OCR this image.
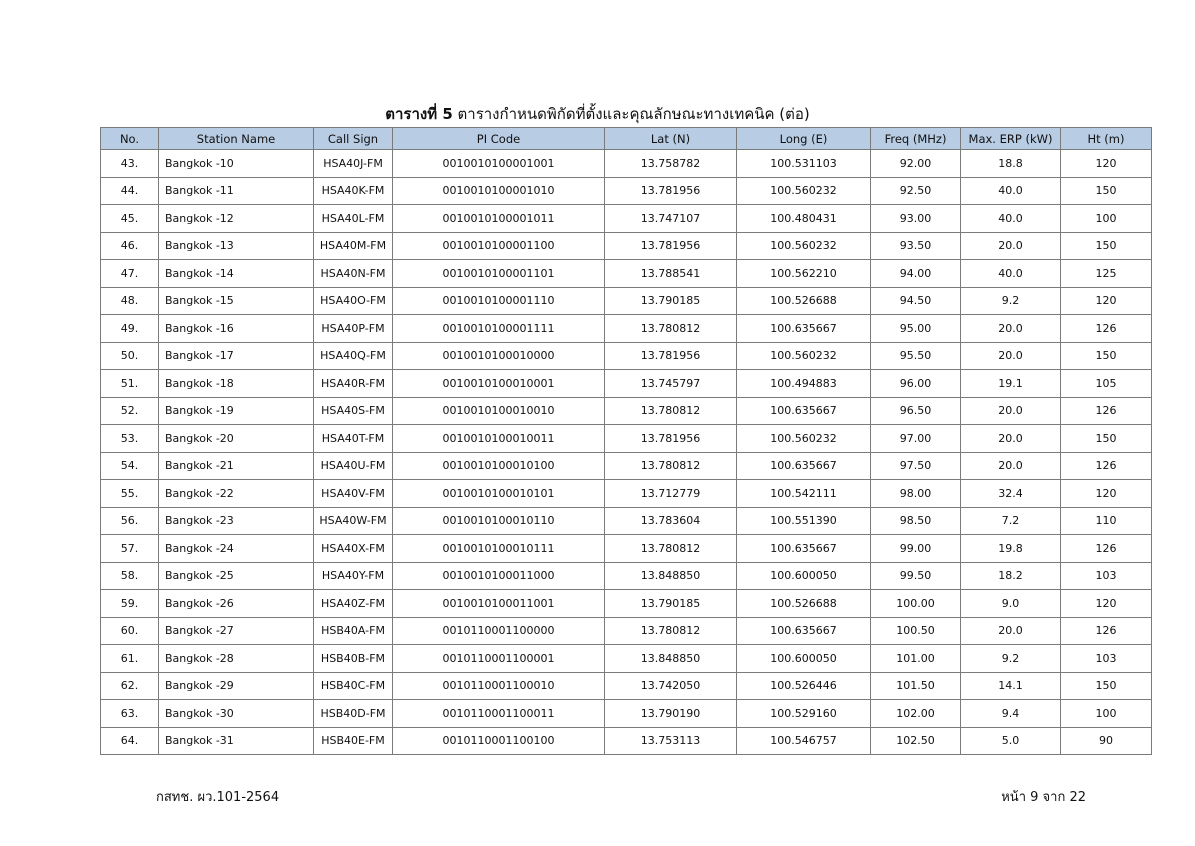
ตารางที่ 5 ตารางกำหนดพิกัดที่ตั้งและคุณลักษณะทางเทคนิค (ต่อ)
No.	Station Name	Call Sign	PI Code	Lat (N)	Long (E)	Freq (MHz)	Max. ERP (kW)	Ht (m)
43.	Bangkok -10	HSA40J-FM	0010010100001001	13.758782	100.531103	92.00	18.8	120
44.	Bangkok -11	HSA40K-FM	0010010100001010	13.781956	100.560232	92.50	40.0	150
45.	Bangkok -12	HSA40L-FM	0010010100001011	13.747107	100.480431	93.00	40.0	100
46.	Bangkok -13	HSA40M-FM	0010010100001100	13.781956	100.560232	93.50	20.0	150
47.	Bangkok -14	HSA40N-FM	0010010100001101	13.788541	100.562210	94.00	40.0	125
48.	Bangkok -15	HSA40O-FM	0010010100001110	13.790185	100.526688	94.50	9.2	120
49.	Bangkok -16	HSA40P-FM	0010010100001111	13.780812	100.635667	95.00	20.0	126
50.	Bangkok -17	HSA40Q-FM	0010010100010000	13.781956	100.560232	95.50	20.0	150
51.	Bangkok -18	HSA40R-FM	0010010100010001	13.745797	100.494883	96.00	19.1	105
52.	Bangkok -19	HSA40S-FM	0010010100010010	13.780812	100.635667	96.50	20.0	126
53.	Bangkok -20	HSA40T-FM	0010010100010011	13.781956	100.560232	97.00	20.0	150
54.	Bangkok -21	HSA40U-FM	0010010100010100	13.780812	100.635667	97.50	20.0	126
55.	Bangkok -22	HSA40V-FM	0010010100010101	13.712779	100.542111	98.00	32.4	120
56.	Bangkok -23	HSA40W-FM	0010010100010110	13.783604	100.551390	98.50	7.2	110
57.	Bangkok -24	HSA40X-FM	0010010100010111	13.780812	100.635667	99.00	19.8	126
58.	Bangkok -25	HSA40Y-FM	0010010100011000	13.848850	100.600050	99.50	18.2	103
59.	Bangkok -26	HSA40Z-FM	0010010100011001	13.790185	100.526688	100.00	9.0	120
60.	Bangkok -27	HSB40A-FM	0010110001100000	13.780812	100.635667	100.50	20.0	126
61.	Bangkok -28	HSB40B-FM	0010110001100001	13.848850	100.600050	101.00	9.2	103
62.	Bangkok -29	HSB40C-FM	0010110001100010	13.742050	100.526446	101.50	14.1	150
63.	Bangkok -30	HSB40D-FM	0010110001100011	13.790190	100.529160	102.00	9.4	100
64.	Bangkok -31	HSB40E-FM	0010110001100100	13.753113	100.546757	102.50	5.0	90
กสทช. ผว.101-2564	หน้า 9 จาก 22
